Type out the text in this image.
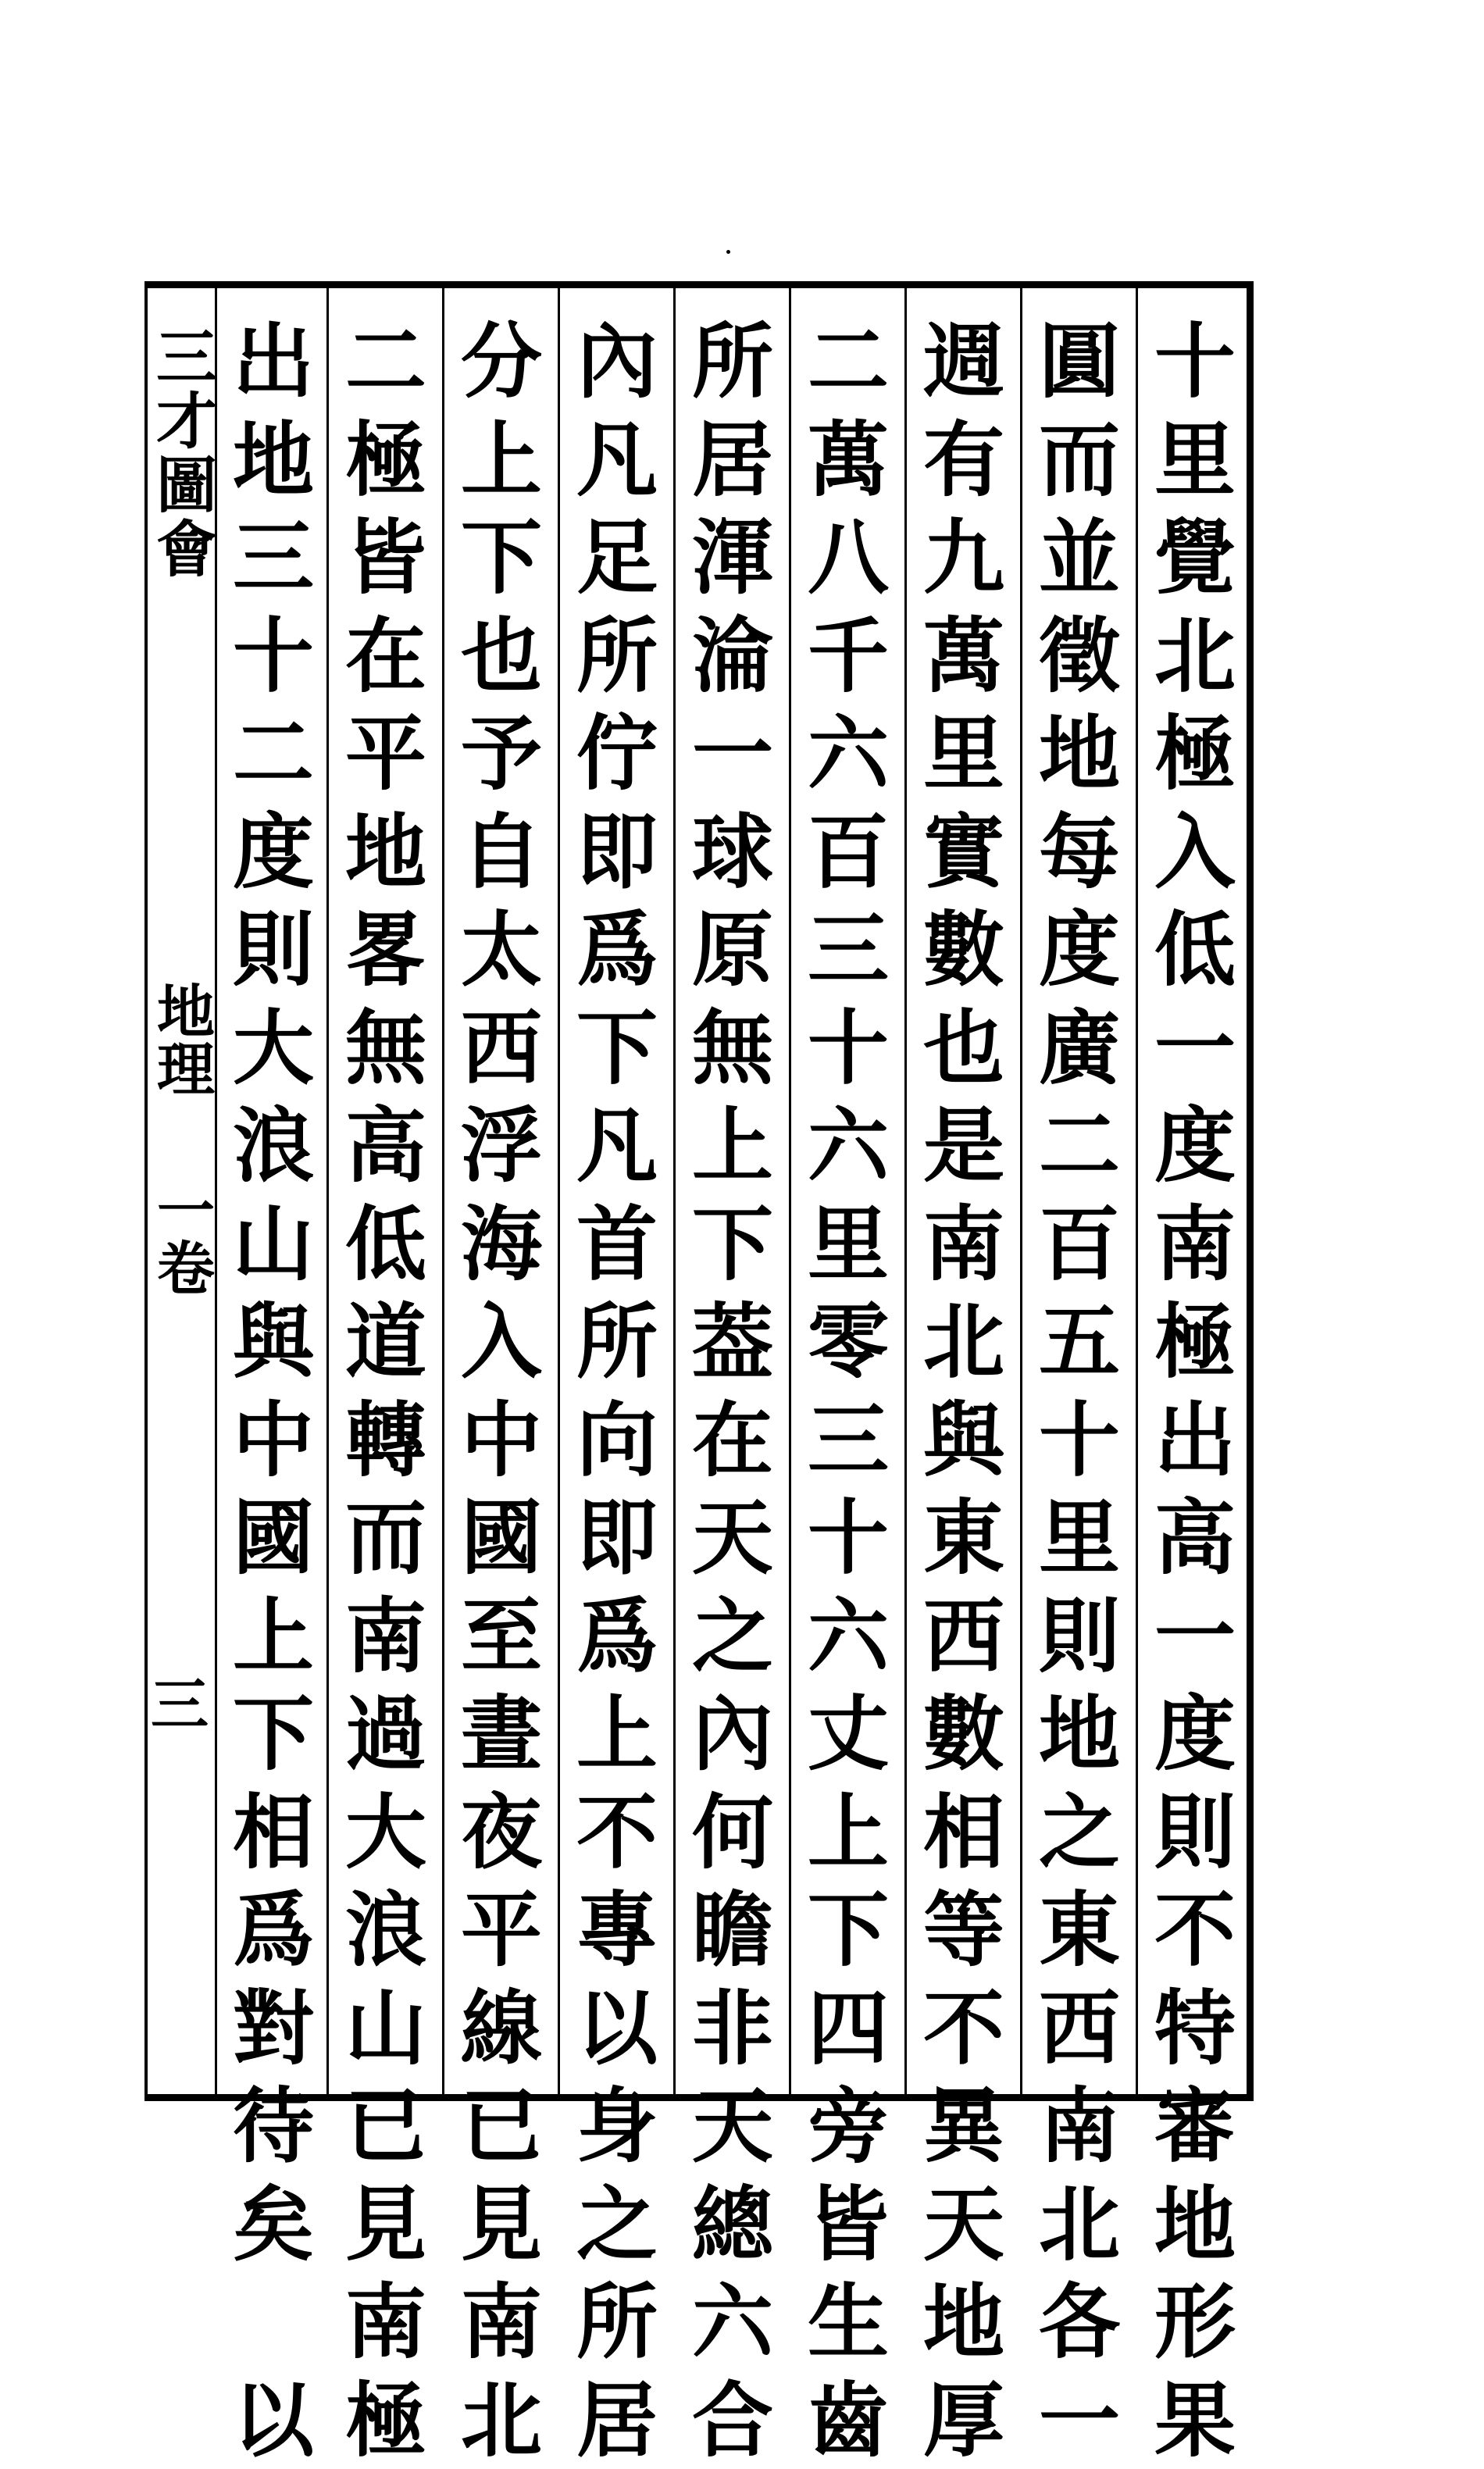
三才圖會
地理
一卷
三
十
里
覺
北
極
入
低
一
度
南
極
出
高
一
度
則
不
特
審
地
形
果
圓
而
並
徵
地
每
度
廣
二
百
五
十
里
則
地
之
東
西
南
北
各
一
週
有
九
萬
里
實
數
也
是
南
北
與
東
西
數
相
等
不
異
天
地
厚
二
萬
八
千
六
百
三
十
六
里
零
三
十
六
丈
上
下
四
旁
皆
生
齒
所
居
渾
淪
一
球
原
無
上
下
葢
在
天
之
內
何
瞻
非
天
總
六
合
內
凡
足
所
佇
即
爲
下
凡
首
所
向
即
爲
上
不
專
以
身
之
所
居
分
上
下
也
予
自
太
西
浮
海
入
中
國
至
晝
夜
平
線
已
見
南
北
二
極
皆
在
平
地
畧
無
高
低
道
轉
而
南
過
大
浪
山
已
見
南
極
出
地
三
十
二
度
則
大
浪
山
與
中
國
上
下
相
爲
對
待
矣

以
